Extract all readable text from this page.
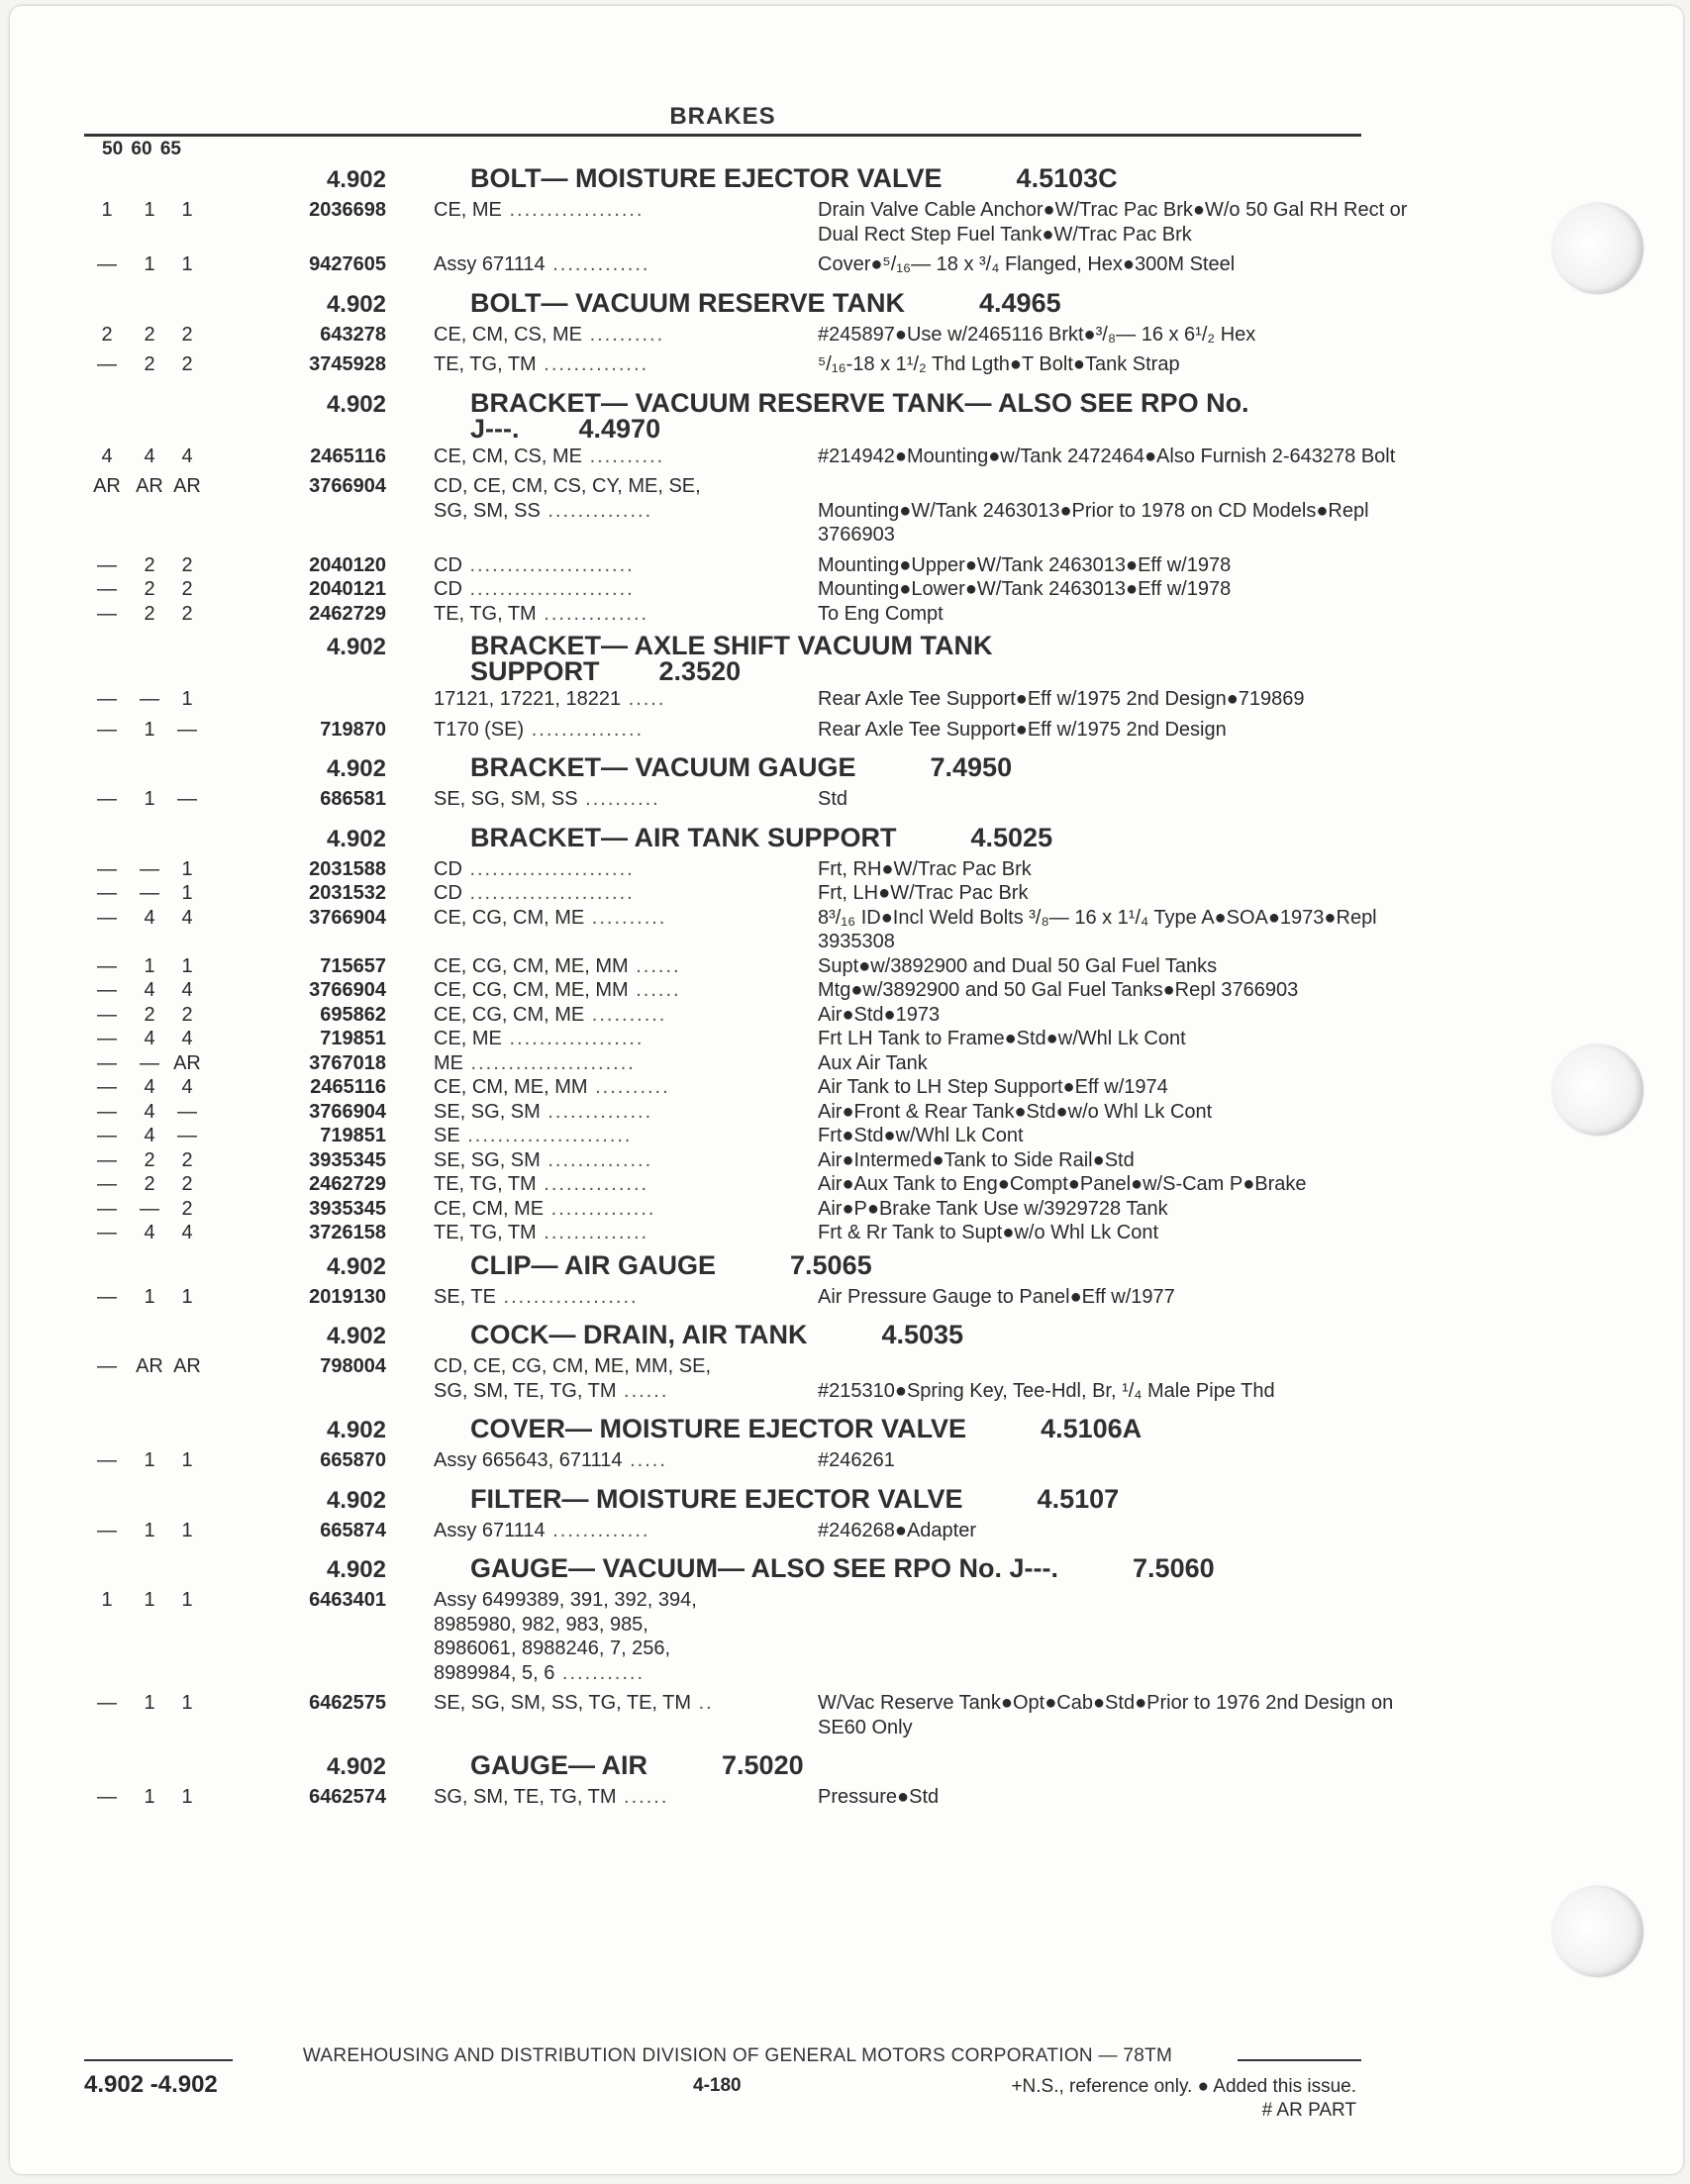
BRAKES
50 60 65
4.902	BOLT— MOISTURE EJECTOR VALVE          4.5103C
1	1	1	2036698 CE, ME ..................	Drain Valve Cable Anchor●W/Trac Pac Brk●W/o 50 Gal RH Rect or Dual Rect Step Fuel Tank●W/Trac Pac Brk
—	1	1	9427605 Assy 671114 .............	Cover●⁵/₁₆— 18 x ³/₄ Flanged, Hex●300M Steel
4.902	BOLT— VACUUM RESERVE TANK          4.4965
2	2	2	643278 CE, CM, CS, ME ..........	#245897●Use w/2465116 Brkt●³/₈— 16 x 6¹/₂ Hex
—	2	2	3745928 TE, TG, TM ..............	⁵/₁₆-18 x 1¹/₂ Thd Lgth●T Bolt●Tank Strap
4.902	BRACKET— VACUUM RESERVE TANK— ALSO SEE RPO No.
J---.        4.4970
4	4	4	2465116 CE, CM, CS, ME ..........	#214942●Mounting●w/Tank 2472464●Also Furnish 2-643278 Bolt
AR AR AR	3766904 CD, CE, CM, CS, CY, ME, SE,
SG, SM, SS ..............	
Mounting●W/Tank 2463013●Prior to 1978 on CD Models●Repl 3766903
—	2	2	2040120 CD ......................	Mounting●Upper●W/Tank 2463013●Eff w/1978
—	2	2	2040121 CD ......................	Mounting●Lower●W/Tank 2463013●Eff w/1978
—	2	2	2462729 TE, TG, TM ..............	To Eng Compt
4.902	BRACKET— AXLE SHIFT VACUUM TANK
SUPPORT        2.3520
—	—	1	17121, 17221, 18221 .....	Rear Axle Tee Support●Eff w/1975 2nd Design●719869
—	1	—	719870 T170 (SE) ...............	Rear Axle Tee Support●Eff w/1975 2nd Design
4.902	BRACKET— VACUUM GAUGE          7.4950
—	1	—	686581 SE, SG, SM, SS ..........	Std
4.902	BRACKET— AIR TANK SUPPORT          4.5025
—	—	1	2031588 CD ......................	Frt, RH●W/Trac Pac Brk
—	—	1	2031532 CD ......................	Frt, LH●W/Trac Pac Brk
—	4	4	3766904 CE, CG, CM, ME ..........	8³/₁₆ ID●Incl Weld Bolts ³/₈— 16 x 1¹/₄ Type A●SOA●1973●Repl 3935308
—	1	1	715657 CE, CG, CM, ME, MM ......	Supt●w/3892900 and Dual 50 Gal Fuel Tanks
—	4	4	3766904 CE, CG, CM, ME, MM ......	Mtg●w/3892900 and 50 Gal Fuel Tanks●Repl 3766903
—	2	2	695862 CE, CG, CM, ME ..........	Air●Std●1973
—	4	4	719851 CE, ME ..................	Frt LH Tank to Frame●Std●w/Whl Lk Cont
—	— AR	3767018 ME ......................	Aux Air Tank
—	4	4	2465116 CE, CM, ME, MM ..........	Air Tank to LH Step Support●Eff w/1974
—	4	—	3766904 SE, SG, SM ..............	Air●Front & Rear Tank●Std●w/o Whl Lk Cont
—	4	—	719851 SE ......................	Frt●Std●w/Whl Lk Cont
—	2	2	3935345 SE, SG, SM ..............	Air●Intermed●Tank to Side Rail●Std
—	2	2	2462729 TE, TG, TM ..............	Air●Aux Tank to Eng●Compt●Panel●w/S-Cam P●Brake
—	—	2	3935345 CE, CM, ME ..............	Air●P●Brake Tank Use w/3929728 Tank
—	4	4	3726158 TE, TG, TM ..............	Frt & Rr Tank to Supt●w/o Whl Lk Cont
4.902	CLIP— AIR GAUGE          7.5065
—	1	1	2019130 SE, TE ..................	Air Pressure Gauge to Panel●Eff w/1977
4.902	COCK— DRAIN, AIR TANK          4.5035
— AR AR	798004 CD, CE, CG, CM, ME, MM, SE,
SG, SM, TE, TG, TM ......	
#215310●Spring Key, Tee-Hdl, Br, ¹/₄ Male Pipe Thd
4.902	COVER— MOISTURE EJECTOR VALVE          4.5106A
—	1	1	665870 Assy 665643, 671114 .....	#246261
4.902	FILTER— MOISTURE EJECTOR VALVE          4.5107
—	1	1	665874 Assy 671114 .............	#246268●Adapter
4.902	GAUGE— VACUUM— ALSO SEE RPO No. J---.          7.5060
1	1	1	6463401 Assy 6499389, 391, 392, 394,
8985980, 982, 983, 985,
8986061, 8988246, 7, 256,
8989984, 5, 6 ...........
—	1	1	6462575 SE, SG, SM, SS, TG, TE, TM ..	W/Vac Reserve Tank●Opt●Cab●Std●Prior to 1976 2nd Design on SE60 Only
4.902	GAUGE— AIR          7.5020
—	1	1	6462574 SG, SM, TE, TG, TM ......	Pressure●Std
WAREHOUSING AND DISTRIBUTION DIVISION OF GENERAL MOTORS CORPORATION — 78TM
4.902 -4.902	4-180	+N.S., reference only. ● Added this issue.
# AR PART
